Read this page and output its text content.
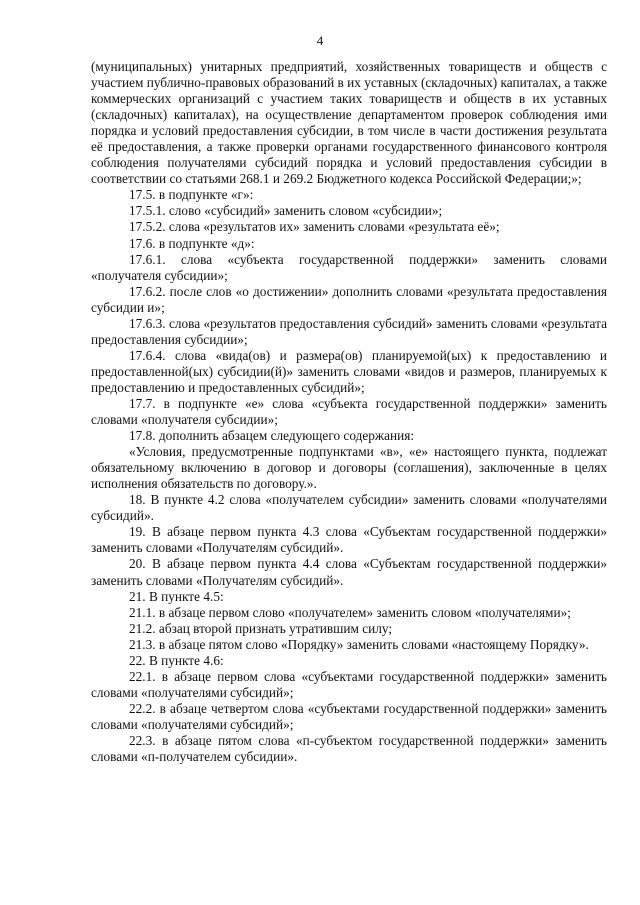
4

(муниципальных) унитарных предприятий, хозяйственных товариществ и обществ с участием публично-правовых образований в их уставных (складочных) капиталах, а также коммерческих организаций с участием таких товариществ и обществ в их уставных (складочных) капиталах), на осуществление департаментом проверок соблюдения ими порядка и условий предоставления субсидии, в том числе в части достижения результата её предоставления, а также проверки органами государственного финансового контроля соблюдения получателями субсидий порядка и условий предоставления субсидии в соответствии со статьями 268.1 и 269.2 Бюджетного кодекса Российской Федерации;»;

17.5. в подпункте «г»:

17.5.1. слово «субсидий» заменить словом «субсидии»;

17.5.2. слова «результатов их» заменить словами «результата её»;

17.6. в подпункте «д»:

17.6.1. слова «субъекта государственной поддержки» заменить словами «получателя субсидии»;

17.6.2. после слов «о достижении» дополнить словами «результата предоставления субсидии и»;

17.6.3. слова «результатов предоставления субсидий» заменить словами «результата предоставления субсидии»;

17.6.4. слова «вида(ов) и размера(ов) планируемой(ых) к предоставлению и предоставленной(ых) субсидии(й)» заменить словами «видов и размеров, планируемых к предоставлению и предоставленных субсидий»;

17.7. в подпункте «е» слова «субъекта государственной поддержки» заменить словами «получателя субсидии»;

17.8. дополнить абзацем следующего содержания:

«Условия, предусмотренные подпунктами «в», «е» настоящего пункта, подлежат обязательному включению в договор и договоры (соглашения), заключенные в целях исполнения обязательств по договору.».

18. В пункте 4.2 слова «получателем субсидии» заменить словами «получателями субсидий».

19. В абзаце первом пункта 4.3 слова «Субъектам государственной поддержки» заменить словами «Получателям субсидий».

20. В абзаце первом пункта 4.4 слова «Субъектам государственной поддержки» заменить словами «Получателям субсидий».

21. В пункте 4.5:

21.1. в абзаце первом слово «получателем» заменить словом «получателями»;

21.2. абзац второй признать утратившим силу;

21.3. в абзаце пятом слово «Порядку» заменить словами «настоящему Порядку».

22. В пункте 4.6:

22.1. в абзаце первом слова «субъектами государственной поддержки» заменить словами «получателями субсидий»;

22.2. в абзаце четвертом слова «субъектами государственной поддержки» заменить словами «получателями субсидий»;

22.3. в абзаце пятом слова «п-субъектом государственной поддержки» заменить словами «п-получателем субсидии».
